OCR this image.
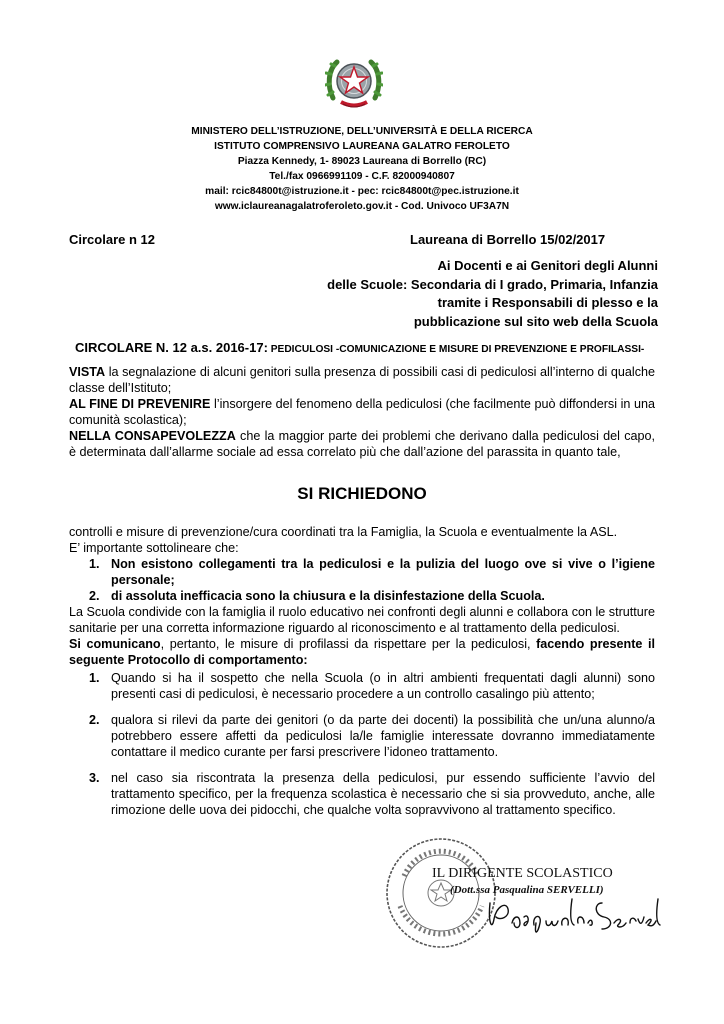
MINISTERO DELL’ISTRUZIONE, DELL’UNIVERSITÀ E DELLA RICERCA
ISTITUTO COMPRENSIVO LAUREANA GALATRO FEROLETO
Piazza Kennedy, 1- 89023 Laureana di Borrello (RC)
Tel./fax 0966991109 - C.F. 82000940807
mail: rcic84800t@istruzione.it - pec: rcic84800t@pec.istruzione.it
www.iclaureanagalatroferoleto.gov.it - Cod. Univoco UF3A7N
Circolare n 12	Laureana di Borrello 15/02/2017
Ai Docenti e ai Genitori degli Alunni
delle Scuole: Secondaria di I grado, Primaria, Infanzia
tramite i Responsabili di plesso e la
pubblicazione sul sito web della Scuola
CIRCOLARE N. 12 a.s. 2016-17: PEDICULOSI -COMUNICAZIONE E MISURE DI PREVENZIONE E PROFILASSI-
VISTA la segnalazione di alcuni genitori sulla presenza di possibili casi di pediculosi all’interno di qualche classe dell’Istituto;
AL FINE DI PREVENIRE l’insorgere del fenomeno della pediculosi (che facilmente può diffondersi in una comunità scolastica);
NELLA CONSAPEVOLEZZA che la maggior parte dei problemi che derivano dalla pediculosi del capo, è determinata dall’allarme sociale ad essa correlato più che dall’azione del parassita in quanto tale,
SI RICHIEDONO
controlli e misure di prevenzione/cura coordinati tra la Famiglia, la Scuola e eventualmente la ASL.
E’ importante sottolineare che:
1. Non esistono collegamenti tra la pediculosi e la pulizia del luogo ove si vive o l’igiene personale;
2. di assoluta inefficacia sono la chiusura e la disinfestazione della Scuola.
La Scuola condivide con la famiglia il ruolo educativo nei confronti degli alunni e collabora con le strutture sanitarie per una corretta informazione riguardo al riconoscimento e al trattamento della pediculosi.
Si comunicano, pertanto, le misure di profilassi da rispettare per la pediculosi, facendo presente il seguente Protocollo di comportamento:
1. Quando si ha il sospetto che nella Scuola (o in altri ambienti frequentati dagli alunni) sono presenti casi di pediculosi, è necessario procedere a un controllo casalingo più attento;
2. qualora si rilevi da parte dei genitori (o da parte dei docenti) la possibilità che un/una alunno/a potrebbero essere affetti da pediculosi la/le famiglie interessate dovranno immediatamente contattare il medico curante per farsi prescrivere l’idoneo trattamento.
3. nel caso sia riscontrata la presenza della pediculosi, pur essendo sufficiente l’avvio del trattamento specifico, per la frequenza scolastica è necessario che si sia provveduto, anche, alle rimozione delle uova dei pidocchi, che qualche volta sopravvivono al trattamento specifico.
IL DIRIGENTE SCOLASTICO
(Dott.ssa Pasqualina SERVELLI)
